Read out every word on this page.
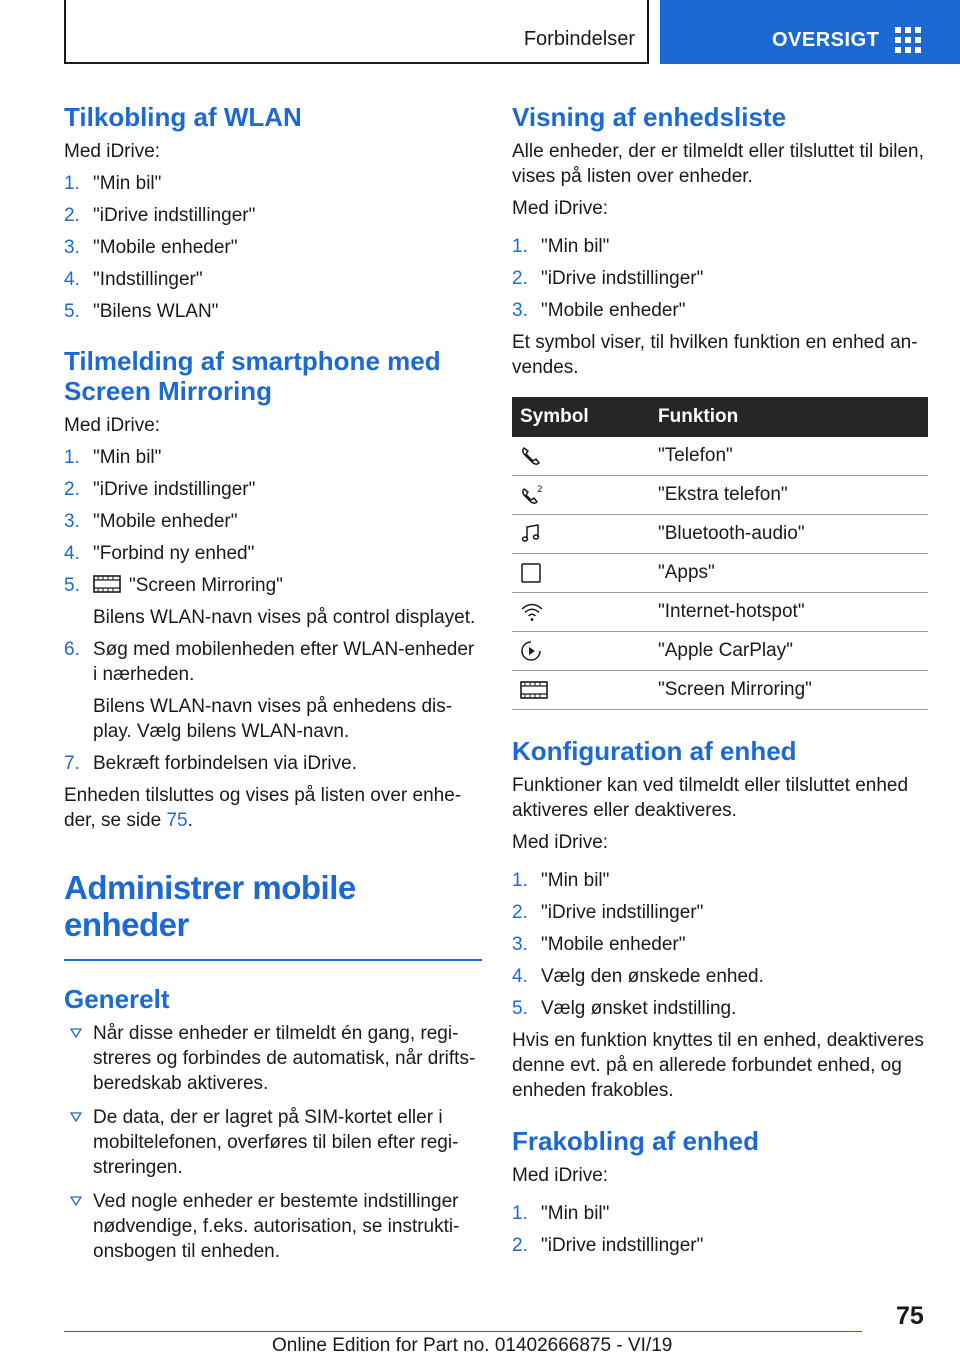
Forbindelser	OVERSIGT
Tilkobling af WLAN

Med iDrive:

1. "Min bil"
2. "iDrive indstillinger"
3. "Mobile enheder"
4. "Indstillinger"
5. "Bilens WLAN"
Tilmelding af smartphone med Screen Mirroring

Med iDrive:

1. "Min bil"
2. "iDrive indstillinger"
3. "Mobile enheder"
4. "Forbind ny enhed"
5.	"Screen Mirroring"
Bilens WLAN-navn vises på control displayet.
6. Søg med mobilenheden efter WLAN-enheder i nærheden.
Bilens WLAN-navn vises på enhedens display. Vælg bilens WLAN-navn.
7. Bekræft forbindelsen via iDrive.

Enheden tilsluttes og vises på listen over enheder, se side 75.

Administrer mobile enheder
Generelt
Når disse enheder er tilmeldt én gang, registreres og forbindes de automatisk, når driftsberedskab aktiveres.
De data, der er lagret på SIM-kortet eller i mobiltelefonen, overføres til bilen efter registreringen.
Ved nogle enheder er bestemte indstillinger nødvendige, f.eks. autorisation, se instruktionsbogen til enheden.
Visning af enhedsliste

Alle enheder, der er tilmeldt eller tilsluttet til bilen, vises på listen over enheder.

Med iDrive:

1. "Min bil"
2. "iDrive indstillinger"
3. "Mobile enheder"

Et symbol viser, til hvilken funktion en enhed anvendes.

Symbol	Funktion

	"Telefon"

2	"Ekstra telefon"

	"Bluetooth-audio"

	"Apps"

	"Internet-hotspot"

	"Apple CarPlay"

	"Screen Mirroring"
Konfiguration af enhed

Funktioner kan ved tilmeldt eller tilsluttet enhed aktiveres eller deaktiveres.

Med iDrive:

1. "Min bil"
2. "iDrive indstillinger"
3. "Mobile enheder"
4. Vælg den ønskede enhed.
5. Vælg ønsket indstilling.

Hvis en funktion knyttes til en enhed, deaktiveres denne evt. på en allerede forbundet enhed, og enheden frakobles.

Frakobling af enhed

Med iDrive:

1. "Min bil"
2. "iDrive indstillinger"
75
Online Edition for Part no. 01402666875 - VI/19
